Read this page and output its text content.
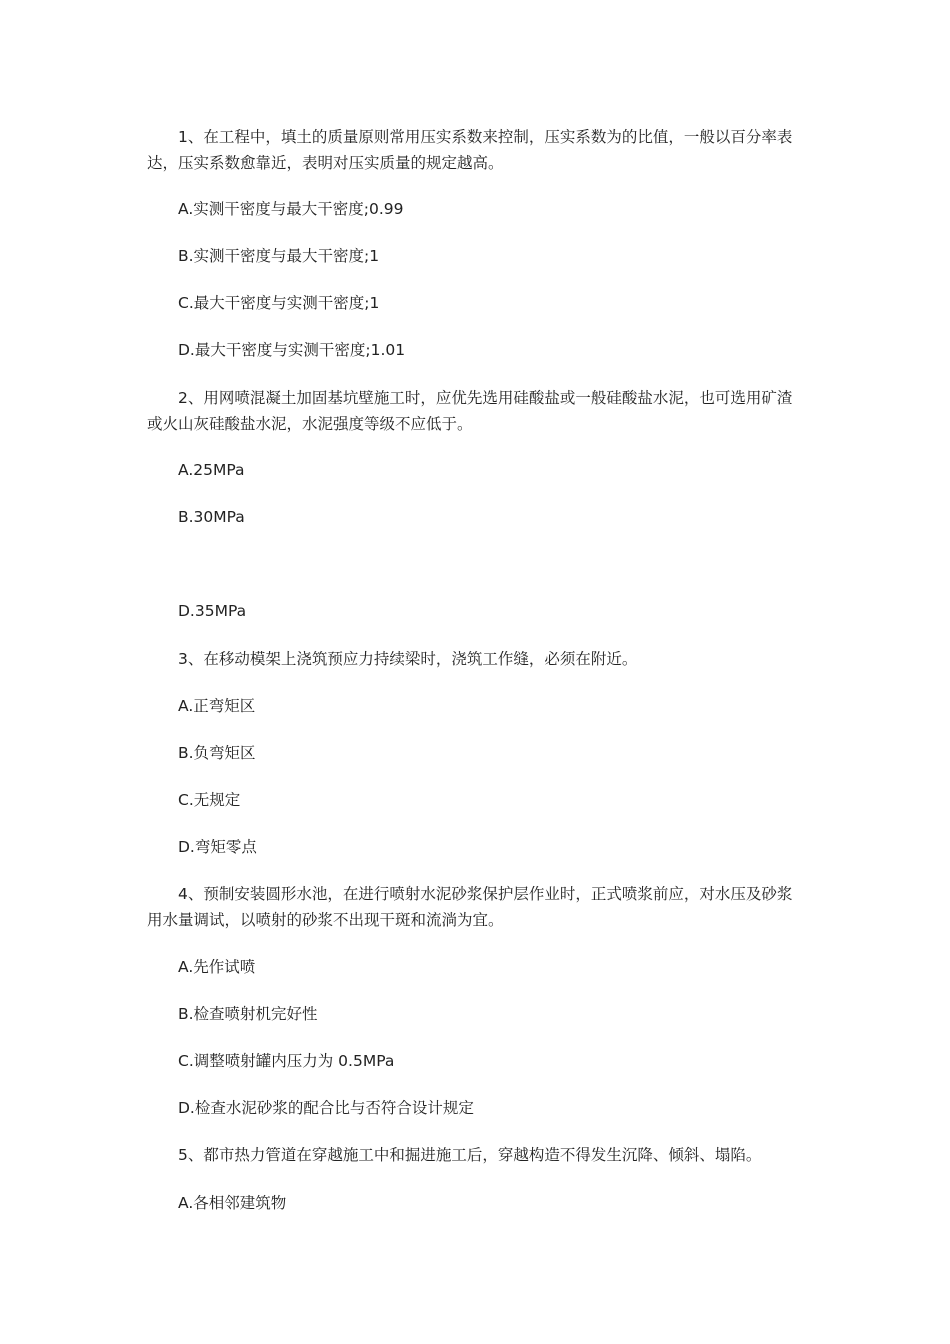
1、在工程中，填土的质量原则常用压实系数来控制，压实系数为的比值，一般以百分率表达，压实系数愈靠近，表明对压实质量的规定越高。

A.实测干密度与最大干密度;0.99

B.实测干密度与最大干密度;1

C.最大干密度与实测干密度;1

D.最大干密度与实测干密度;1.01

2、用网喷混凝土加固基坑壁施工时，应优先选用硅酸盐或一般硅酸盐水泥，也可选用矿渣或火山灰硅酸盐水泥，水泥强度等级不应低于。

A.25MPa

B.30MPa

D.35MPa

3、在移动模架上浇筑预应力持续梁时，浇筑工作缝，必须在附近。

A.正弯矩区

B.负弯矩区

C.无规定

D.弯矩零点

4、预制安装圆形水池，在进行喷射水泥砂浆保护层作业时，正式喷浆前应，对水压及砂浆用水量调试，以喷射的砂浆不出现干斑和流淌为宜。

A.先作试喷

B.检查喷射机完好性

C.调整喷射罐内压力为 0.5MPa

D.检查水泥砂浆的配合比与否符合设计规定

5、都市热力管道在穿越施工中和掘进施工后，穿越构造不得发生沉降、倾斜、塌陷。

A.各相邻建筑物
